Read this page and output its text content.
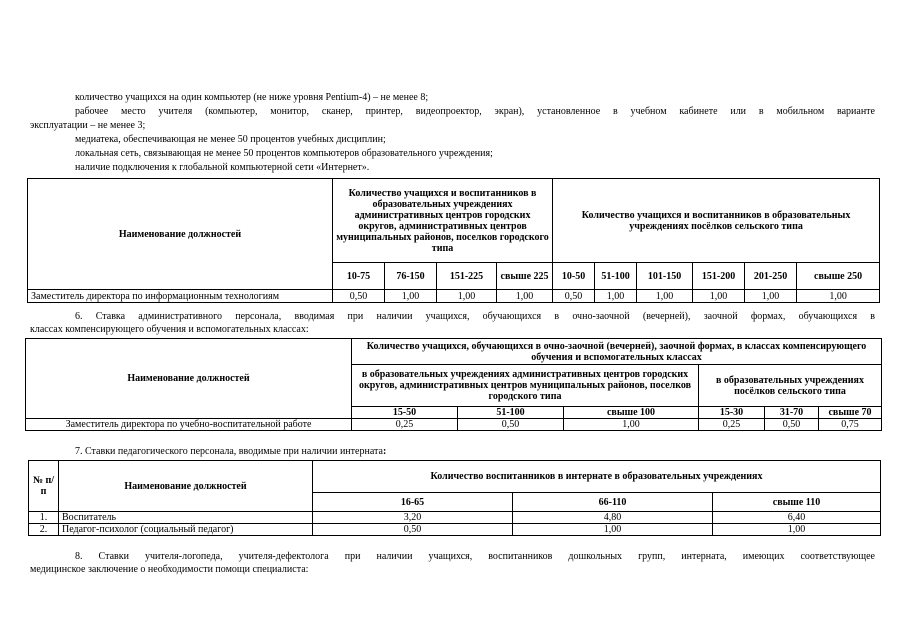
количество учащихся на один компьютер (не ниже уровня Pentium-4) – не менее 8;
рабочее место учителя (компьютер, монитор, сканер, принтер, видеопроектор, экран), установленное в учебном кабинете или в мобильном варианте
эксплуатации – не менее 3;
медиатека, обеспечивающая не менее 50 процентов учебных дисциплин;
локальная сеть, связывающая не менее 50 процентов компьютеров образовательного учреждения;
наличие подключения к глобальной компьютерной сети «Интернет».
Наименование должностей	Количество учащихся и воспитанников в образовательных учреждениях административных центров городских округов, административных центров муниципальных районов, поселков городского типа				Количество учащихся и воспитанников в образовательных учреждениях посёлков сельского типа					
	10-75	76-150	151-225	свыше 225	10-50	51-100	101-150	151-200	201-250	свыше 250
Заместитель директора по информационным технологиям	0,50	1,00	1,00	1,00	0,50	1,00	1,00	1,00	1,00	1,00
6. Ставка административного персонала, вводимая при наличии учащихся, обучающихся в очно-заочной (вечерней), заочной формах, обучающихся в
классах компенсирующего обучения и вспомогательных классах:
Наименование должностей	Количество учащихся, обучающихся в очно-заочной (вечерней), заочной формах, в классах компенсирующего обучения и вспомогательных классах					
	в образовательных учреждениях административных центров городских округов, административных центров муниципальных районов, поселков городского типа			в образовательных учреждениях посёлков сельского типа		
	15-50	51-100	свыше 100	15-30	31-70	свыше 70
Заместитель директора по учебно-воспитательной работе	0,25	0,50	1,00	0,25	0,50	0,75
7. Ставки педагогического персонала, вводимые при наличии интерната:
№ п/п	Наименование должностей	Количество воспитанников в интернате в образовательных учреждениях		
		16-65	66-110	свыше 110
1.	Воспитатель	3,20	4,80	6,40
2.	Педагог-психолог (социальный педагог)	0,50	1,00	1,00
8. Ставки учителя-логопеда, учителя-дефектолога при наличии учащихся, воспитанников дошкольных групп, интерната, имеющих соответствующее
медицинское заключение о необходимости помощи специалиста:
